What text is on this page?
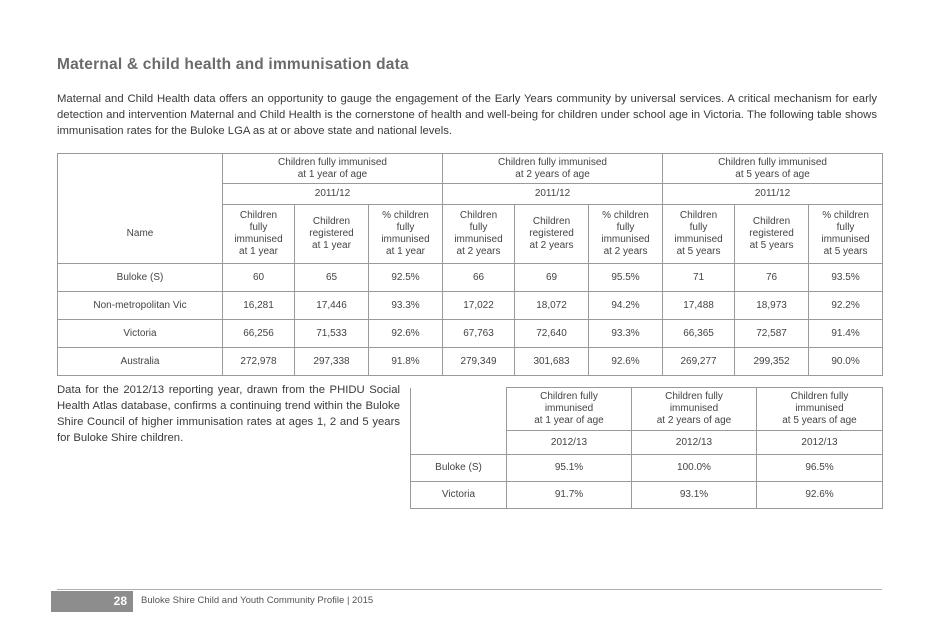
Maternal & child health and immunisation data
Maternal and Child Health data offers an opportunity to gauge the engagement of the Early Years community by universal services. A critical mechanism for early detection and intervention Maternal and Child Health is the cornerstone of health and well-being for children under school age in Victoria. The following table shows immunisation rates for the Buloke LGA as at or above state and national levels.
	Children fully immunised
at 1 year of age			Children fully immunised
at 2 years of age			Children fully immunised
at 5 years of age		
	2011/12			2011/12			2011/12		
Name	Children
fully
immunised
at 1 year	Children
registered
at 1 year	% children
fully
immunised
at 1 year	Children
fully
immunised
at 2 years	Children
registered
at 2 years	% children
fully
immunised
at 2 years	Children
fully
immunised
at 5 years	Children
registered
at 5 years	% children
fully
immunised
at 5 years
Buloke (S)	60	65	92.5%	66	69	95.5%	71	76	93.5%
Non-metropolitan Vic	16,281	17,446	93.3%	17,022	18,072	94.2%	17,488	18,973	92.2%
Victoria	66,256	71,533	92.6%	67,763	72,640	93.3%	66,365	72,587	91.4%
Australia	272,978	297,338	91.8%	279,349	301,683	92.6%	269,277	299,352	90.0%
Data for the 2012/13 reporting year, drawn from the PHIDU Social Health Atlas database, confirms a continuing trend within the Buloke Shire Council of higher immunisation rates at ages 1, 2 and 5 years for Buloke Shire children.
	Children fully
immunised
at 1 year of age	Children fully
immunised
at 2 years of age	Children fully
immunised
at 5 years of age
	2012/13	2012/13	2012/13
Buloke (S)	95.1%	100.0%	96.5%
Victoria	91.7%	93.1%	92.6%
28	Buloke Shire Child and Youth Community Profile | 2015
